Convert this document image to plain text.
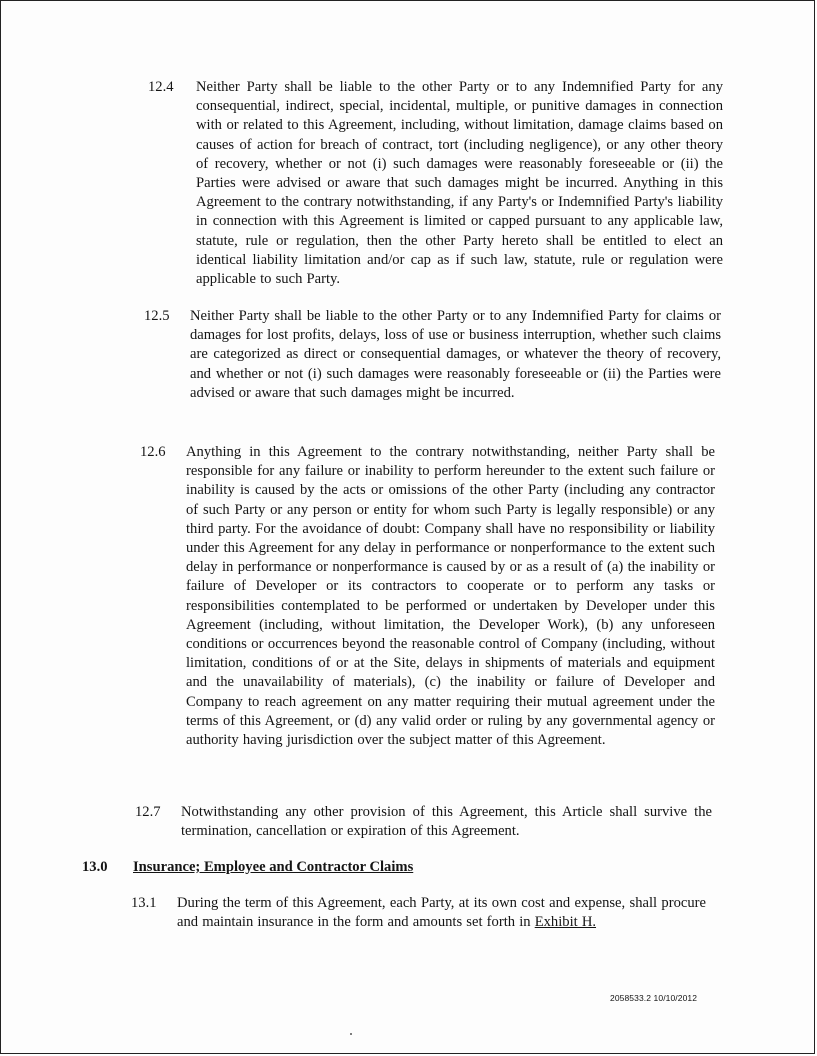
12.4 Neither Party shall be liable to the other Party or to any Indemnified Party for any consequential, indirect, special, incidental, multiple, or punitive damages in connection with or related to this Agreement, including, without limitation, damage claims based on causes of action for breach of contract, tort (including negligence), or any other theory of recovery, whether or not (i) such damages were reasonably foreseeable or (ii) the Parties were advised or aware that such damages might be incurred. Anything in this Agreement to the contrary notwithstanding, if any Party's or Indemnified Party's liability in connection with this Agreement is limited or capped pursuant to any applicable law, statute, rule or regulation, then the other Party hereto shall be entitled to elect an identical liability limitation and/or cap as if such law, statute, rule or regulation were applicable to such Party.
12.5 Neither Party shall be liable to the other Party or to any Indemnified Party for claims or damages for lost profits, delays, loss of use or business interruption, whether such claims are categorized as direct or consequential damages, or whatever the theory of recovery, and whether or not (i) such damages were reasonably foreseeable or (ii) the Parties were advised or aware that such damages might be incurred.
12.6 Anything in this Agreement to the contrary notwithstanding, neither Party shall be responsible for any failure or inability to perform hereunder to the extent such failure or inability is caused by the acts or omissions of the other Party (including any contractor of such Party or any person or entity for whom such Party is legally responsible) or any third party. For the avoidance of doubt: Company shall have no responsibility or liability under this Agreement for any delay in performance or nonperformance to the extent such delay in performance or nonperformance is caused by or as a result of (a) the inability or failure of Developer or its contractors to cooperate or to perform any tasks or responsibilities contemplated to be performed or undertaken by Developer under this Agreement (including, without limitation, the Developer Work), (b) any unforeseen conditions or occurrences beyond the reasonable control of Company (including, without limitation, conditions of or at the Site, delays in shipments of materials and equipment and the unavailability of materials), (c) the inability or failure of Developer and Company to reach agreement on any matter requiring their mutual agreement under the terms of this Agreement, or (d) any valid order or ruling by any governmental agency or authority having jurisdiction over the subject matter of this Agreement.
12.7 Notwithstanding any other provision of this Agreement, this Article shall survive the termination, cancellation or expiration of this Agreement.
13.0 Insurance; Employee and Contractor Claims
13.1 During the term of this Agreement, each Party, at its own cost and expense, shall procure and maintain insurance in the form and amounts set forth in Exhibit H.
2058533.2 10/10/2012
